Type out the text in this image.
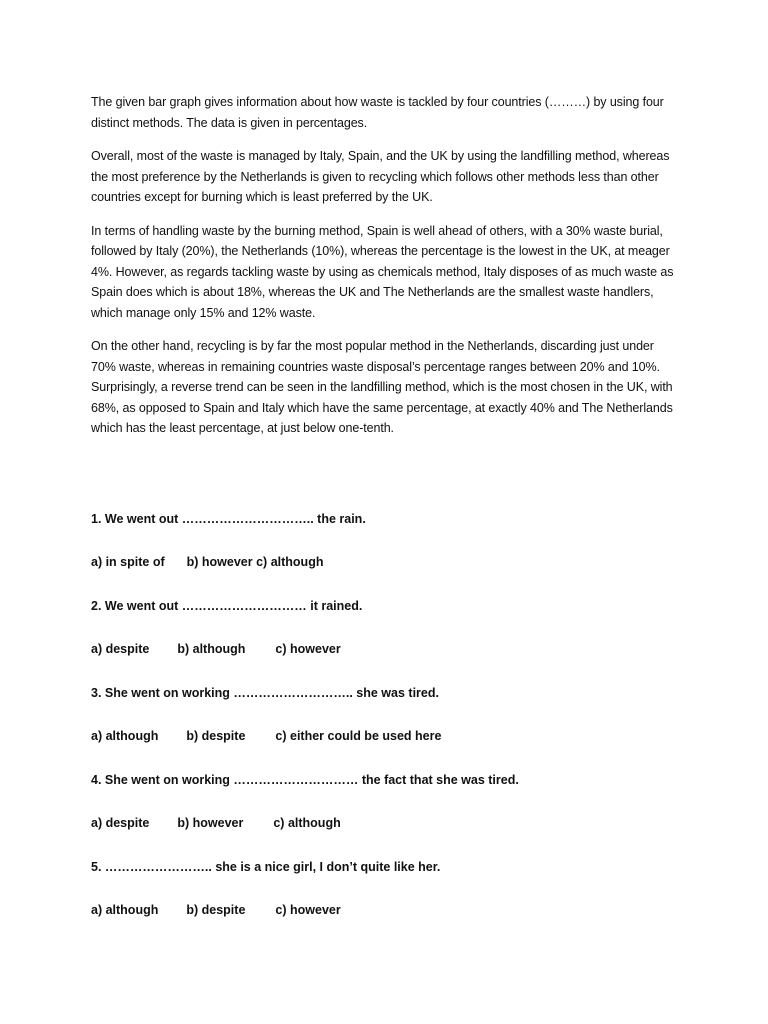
The given bar graph gives information about how waste is tackled by four countries (………) by using four distinct methods. The data is given in percentages.

Overall, most of the waste is managed by Italy, Spain, and the UK by using the landfilling method, whereas the most preference by the Netherlands is given to recycling which follows other methods less than other countries except for burning which is least preferred by the UK.

In terms of handling waste by the burning method, Spain is well ahead of others, with a 30% waste burial, followed by Italy (20%), the Netherlands (10%), whereas the percentage is the lowest in the UK, at meager 4%. However, as regards tackling waste by using as chemicals method, Italy disposes of as much waste as Spain does which is about 18%, whereas the UK and The Netherlands are the smallest waste handlers, which manage only 15% and 12% waste.

On the other hand, recycling is by far the most popular method in the Netherlands, discarding just under 70% waste, whereas in remaining countries waste disposal’s percentage ranges between 20% and 10%. Surprisingly, a reverse trend can be seen in the landfilling method, which is the most chosen in the UK, with 68%, as opposed to Spain and Italy which have the same percentage, at exactly 40% and The Netherlands which has the least percentage, at just below one-tenth.

1. We went out ………………………….. the rain.
a) in spite of b) however c) although
2. We went out ………………………… it rained.
a) despite b) although c) however
3. She went on working ……………………….. she was tired.
a) although b) despite c) either could be used here
4. She went on working ………………………… the fact that she was tired.
a) despite b) however c) although
5. …………………….. she is a nice girl, I don’t quite like her.
a) although b) despite c) however
